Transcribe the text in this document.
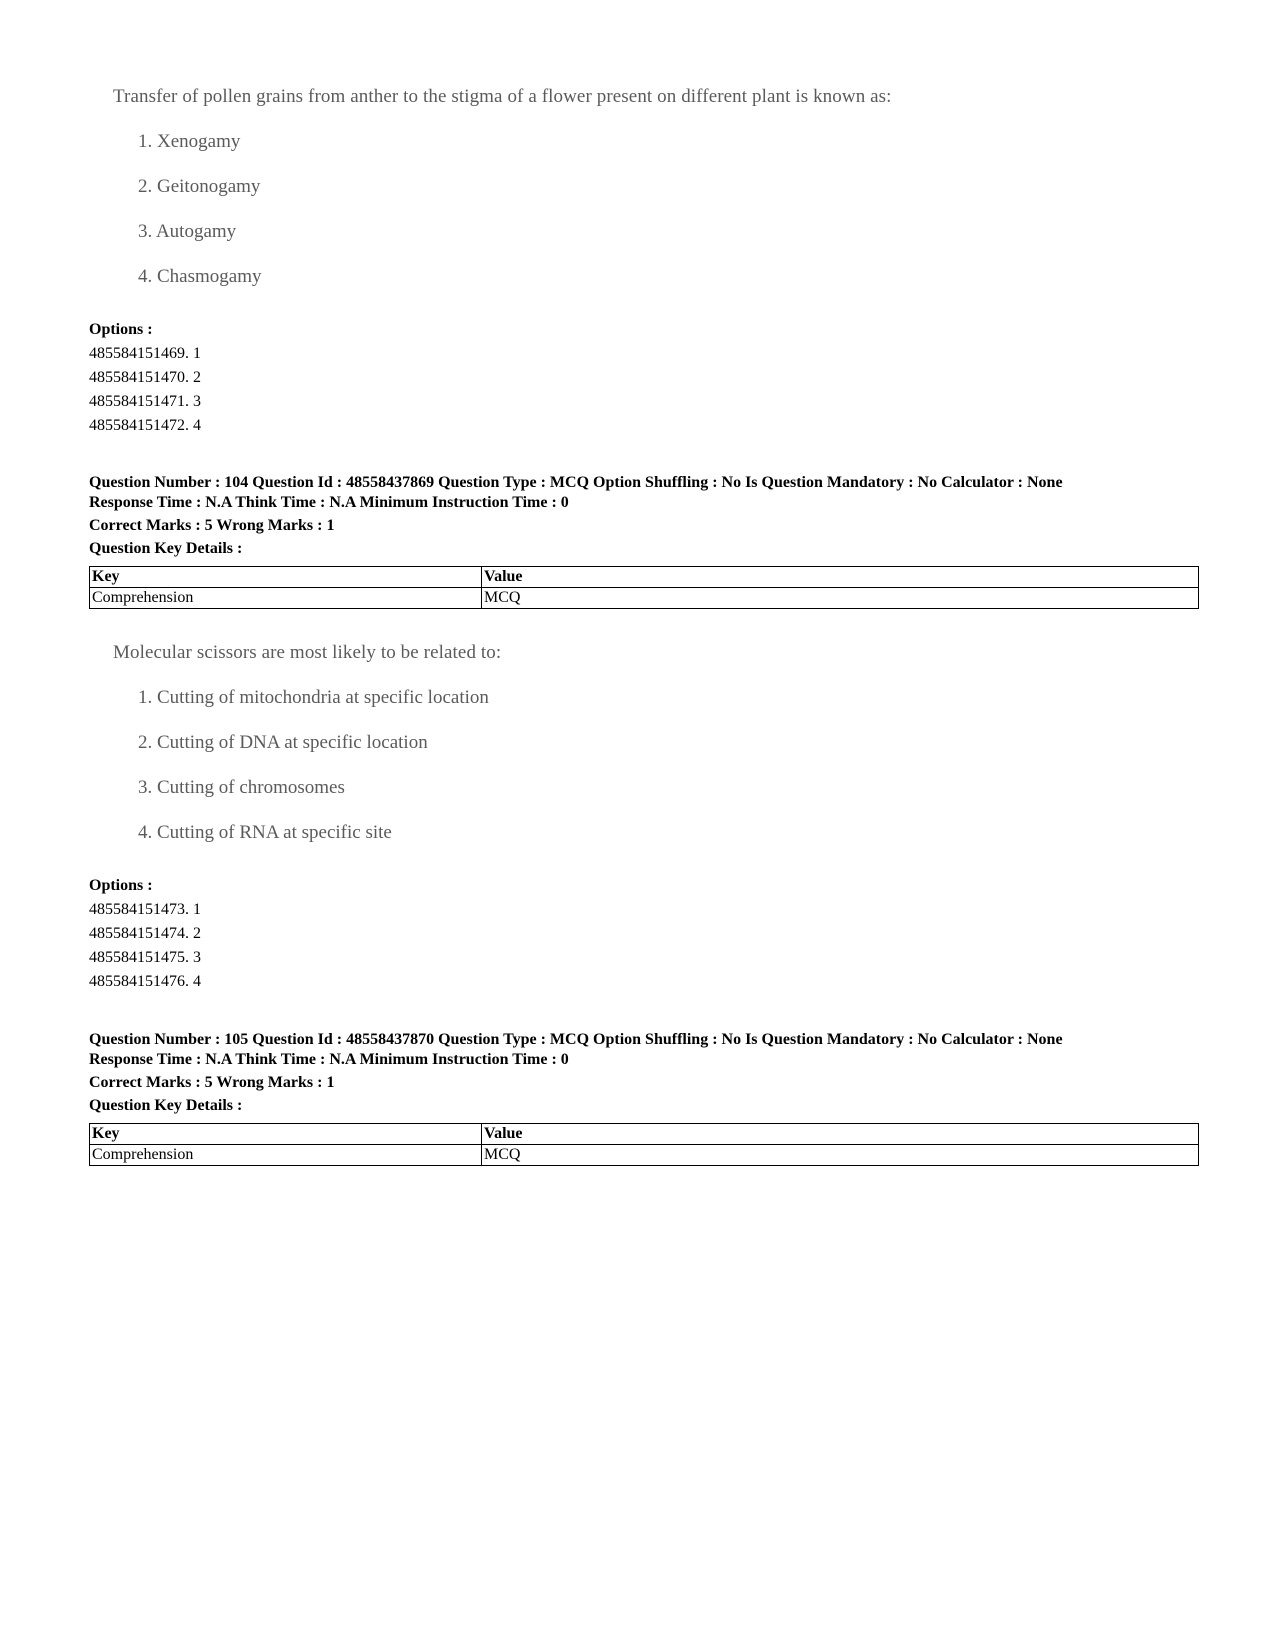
Transfer of pollen grains from anther to the stigma of a flower present on different plant is known as:
1. Xenogamy
2. Geitonogamy
3. Autogamy
4. Chasmogamy
Options :
485584151469. 1
485584151470. 2
485584151471. 3
485584151472. 4
Question Number : 104 Question Id : 48558437869 Question Type : MCQ Option Shuffling : No Is Question Mandatory : No Calculator : None
Response Time : N.A Think Time : N.A Minimum Instruction Time : 0
Correct Marks : 5 Wrong Marks : 1
Question Key Details :
Key	Value
Comprehension	MCQ
Molecular scissors are most likely to be related to:
1. Cutting of mitochondria at specific location
2. Cutting of DNA at specific location
3. Cutting of chromosomes
4. Cutting of RNA at specific site
Options :
485584151473. 1
485584151474. 2
485584151475. 3
485584151476. 4
Question Number : 105 Question Id : 48558437870 Question Type : MCQ Option Shuffling : No Is Question Mandatory : No Calculator : None
Response Time : N.A Think Time : N.A Minimum Instruction Time : 0
Correct Marks : 5 Wrong Marks : 1
Question Key Details :
Key	Value
Comprehension	MCQ
